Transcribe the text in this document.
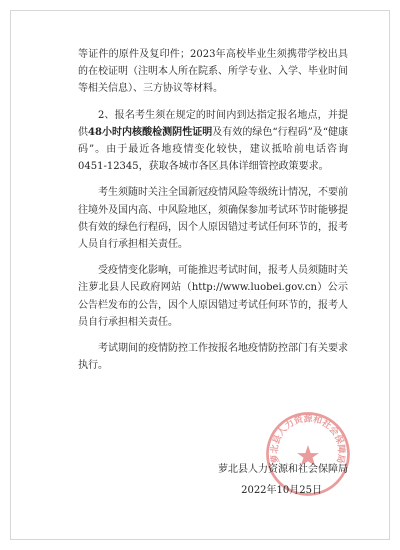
等证件的原件及复印件；2023年高校毕业生须携带学校出具的在校证明（注明本人所在院系、所学专业、入学、毕业时间等相关信息）、三方协议等材料。

2、报名考生须在规定的时间内到达指定报名地点，并提供48小时内核酸检测阴性证明及有效的绿色“行程码”及“健康码”。由于最近各地疫情变化较快，建议抵哈前电话咨询 0451-12345，获取各城市各区具体详细管控政策要求。

考生须随时关注全国新冠疫情风险等级统计情况，不要前往境外及国内高、中风险地区，须确保参加考试环节时能够提供有效的绿色行程码，因个人原因错过考试任何环节的，报考人员自行承担相关责任。

受疫情变化影响，可能推迟考试时间，报考人员须随时关注萝北县人民政府网站（http://www.luobei.gov.cn）公示公告栏发布的公告，因个人原因错过考试任何环节的，报考人员自行承担相关责任。

考试期间的疫情防控工作按报名地疫情防控部门有关要求执行。

萝北县人力资源和社会保障局
萝北县人力资源和社会保障局
2022年10月25日
